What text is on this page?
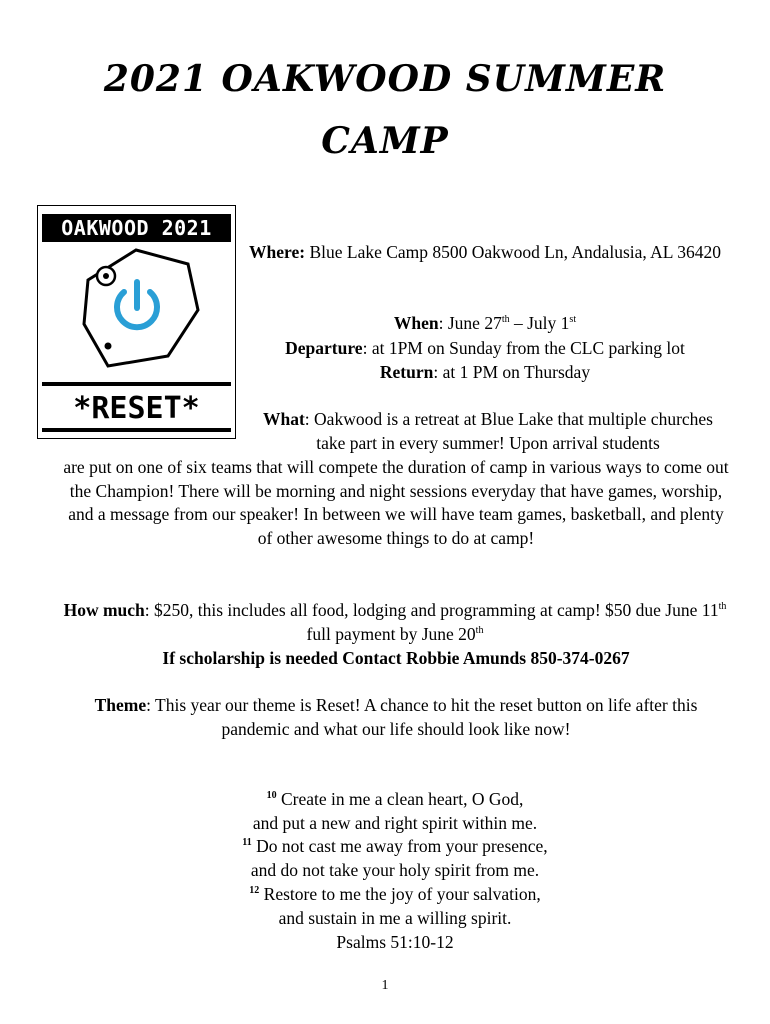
2021 OAKWOOD SUMMER CAMP
OAKWOOD 2021
*RESET*
Where: Blue Lake Camp 8500 Oakwood Ln, Andalusia, AL 36420
When: June 27th – July 1st
Departure: at 1PM on Sunday from the CLC parking lot
Return: at 1 PM on Thursday
What: Oakwood is a retreat at Blue Lake that multiple churches take part in every summer! Upon arrival students
are put on one of six teams that will compete the duration of camp in various ways to come out the Champion! There will be morning and night sessions everyday that have games, worship, and a message from our speaker! In between we will have team games, basketball, and plenty of other awesome things to do at camp!
How much: $250, this includes all food, lodging and programming at camp! $50 due June 11th full payment by June 20th
If scholarship is needed Contact Robbie Amunds 850-374-0267
Theme: This year our theme is Reset! A chance to hit the reset button on life after this pandemic and what our life should look like now!
$^{10}$ Create in me a clean heart, O God,
and put a new and right spirit within me.
$^{11}$ Do not cast me away from your presence,
and do not take your holy spirit from me.
$^{12}$ Restore to me the joy of your salvation,
and sustain in me a willing spirit.
Psalms 51:10-12
1
